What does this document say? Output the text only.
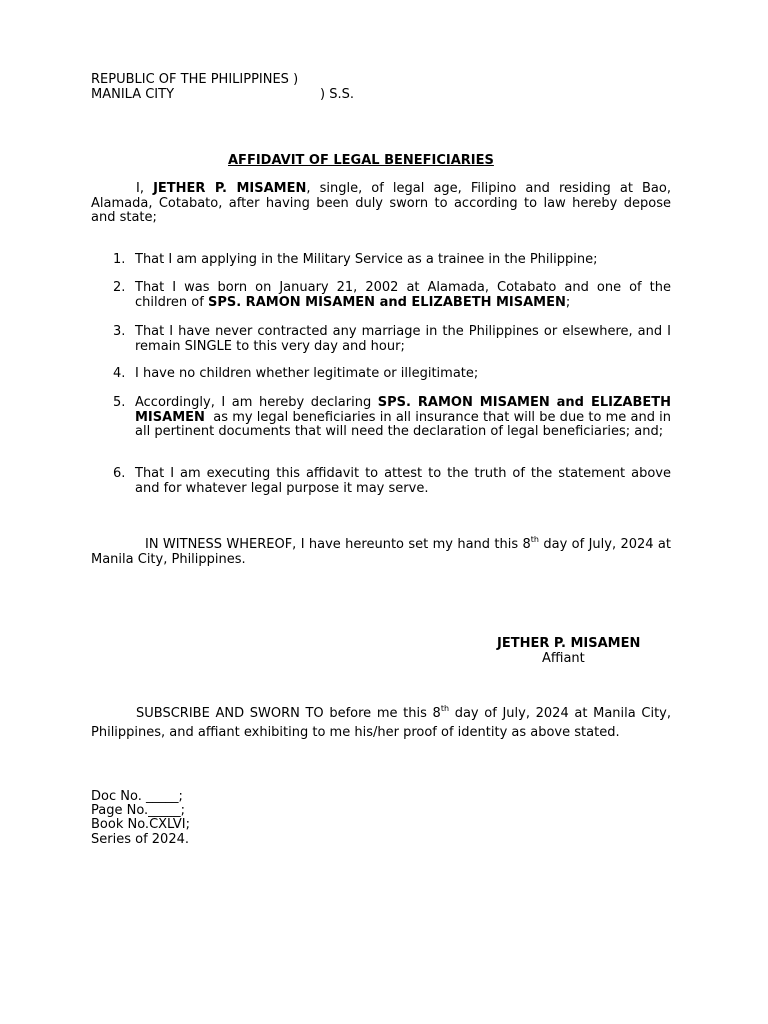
REPUBLIC OF THE PHILIPPINES )
MANILA CITY	) S.S.
AFFIDAVIT OF LEGAL BENEFICIARIES
I, JETHER P. MISAMEN, single, of legal age, Filipino and residing at Bao, Alamada, Cotabato, after having been duly sworn to according to law hereby depose and state;
1. That I am applying in the Military Service as a trainee in the Philippine;
2. That I was born on January 21, 2002 at Alamada, Cotabato and one of the children of SPS. RAMON MISAMEN and ELIZABETH MISAMEN;
3. That I have never contracted any marriage in the Philippines or elsewhere, and I remain SINGLE to this very day and hour;
4. I have no children whether legitimate or illegitimate;
5. Accordingly, I am hereby declaring SPS. RAMON MISAMEN and ELIZABETH MISAMEN  as my legal beneficiaries in all insurance that will be due to me and in all pertinent documents that will need the declaration of legal beneficiaries; and;
6. That I am executing this affidavit to attest to the truth of the statement above and for whatever legal purpose it may serve.
IN WITNESS WHEREOF, I have hereunto set my hand this 8th day of July, 2024 at Manila City, Philippines.
JETHER P. MISAMEN
Affiant
SUBSCRIBE AND SWORN TO before me this 8th day of July, 2024 at Manila City, Philippines, and affiant exhibiting to me his/her proof of identity as above stated.
Doc No. _____;
Page No._____;
Book No.CXLVI;
Series of 2024.
